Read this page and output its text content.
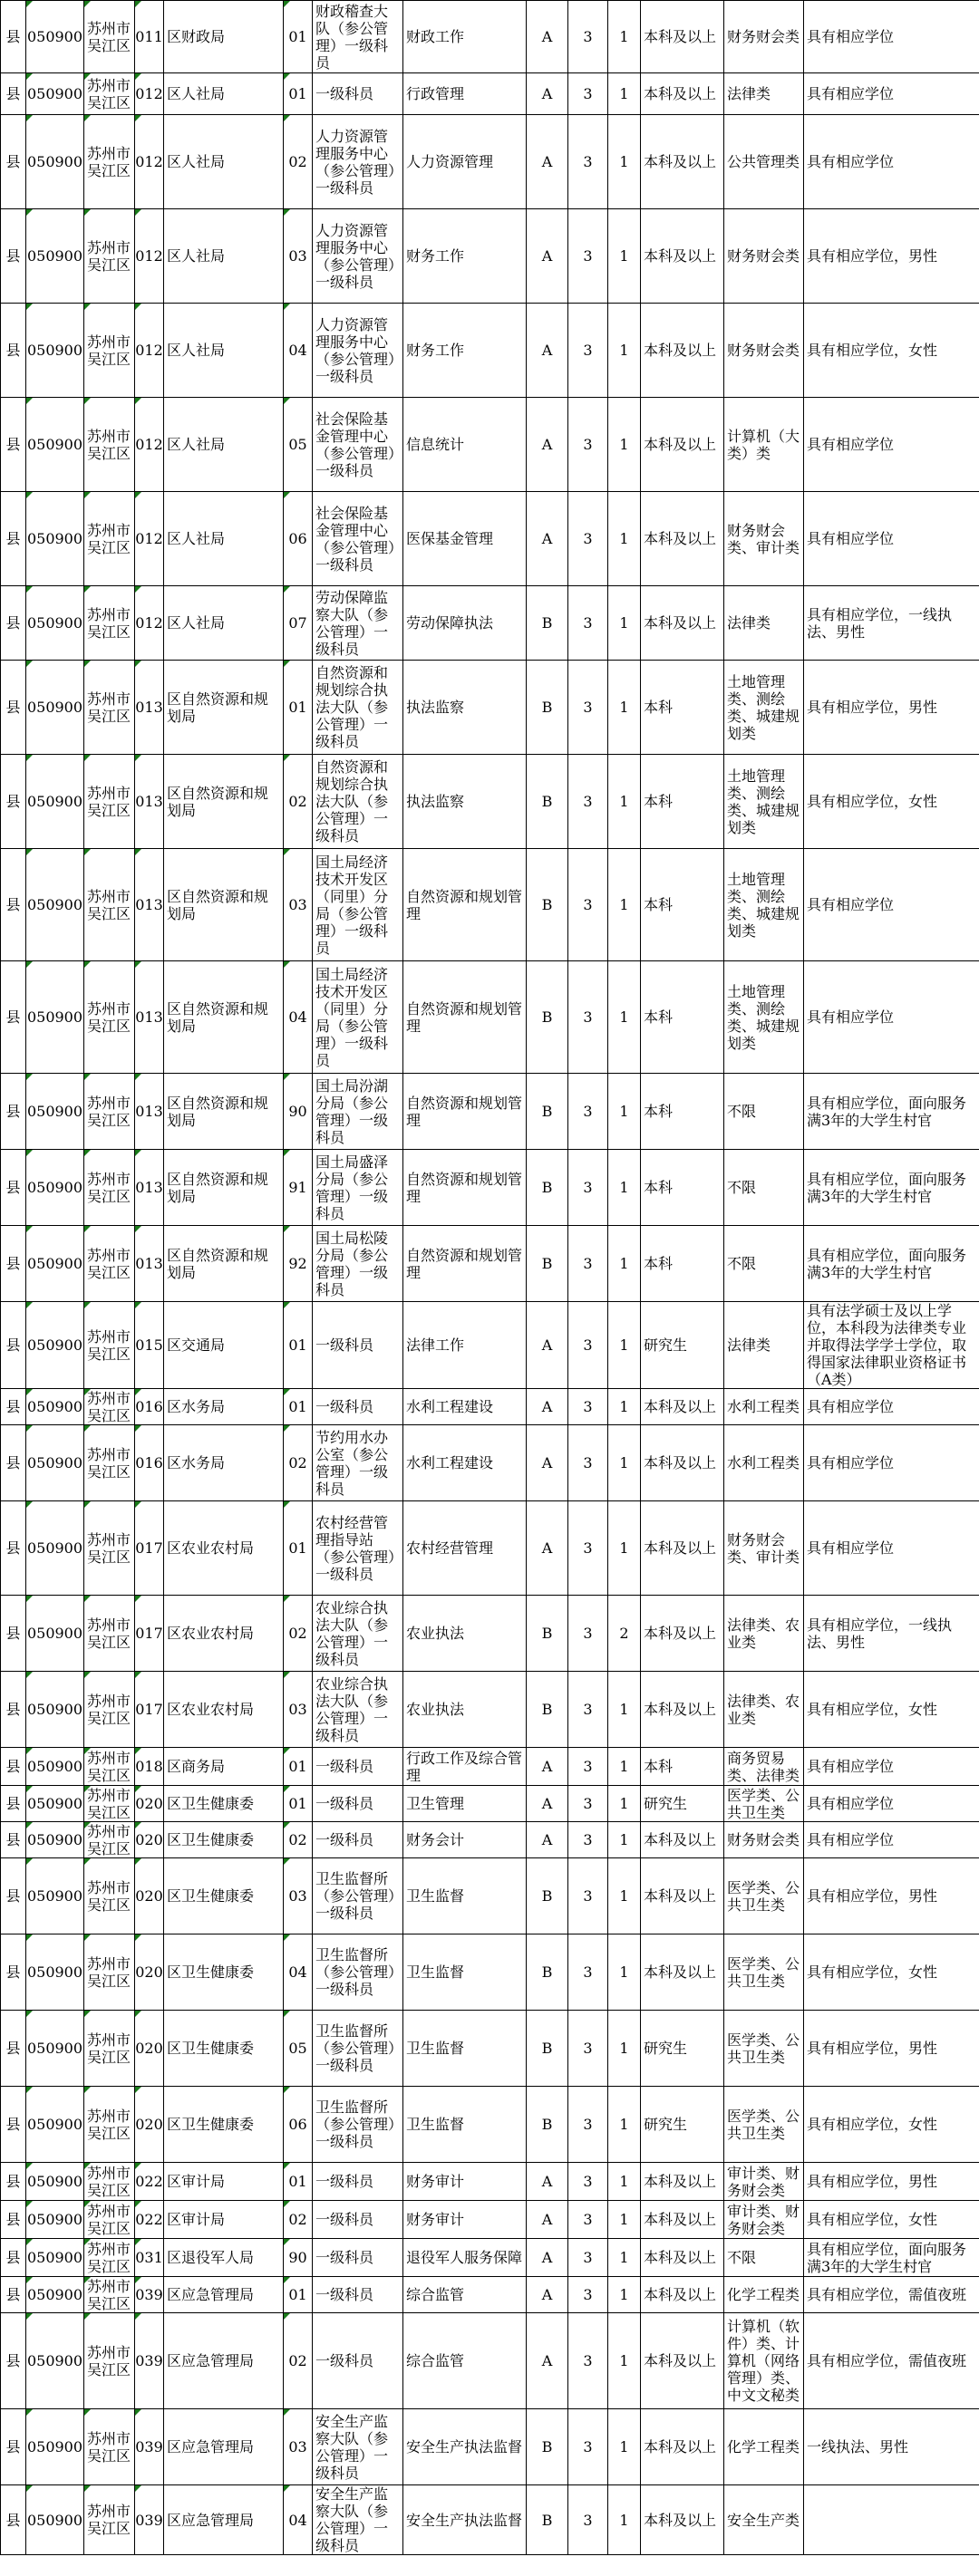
县	050900	苏州市吴江区	011	区财政局	01	财政稽查大队（参公管理）一级科员	财政工作	A	3	1	本科及以上	财务财会类	具有相应学位
县	050900	苏州市吴江区	012	区人社局	01	一级科员	行政管理	A	3	1	本科及以上	法律类	具有相应学位
县	050900	苏州市吴江区	012	区人社局	02	人力资源管理服务中心（参公管理）一级科员	人力资源管理	A	3	1	本科及以上	公共管理类	具有相应学位
县	050900	苏州市吴江区	012	区人社局	03	人力资源管理服务中心（参公管理）一级科员	财务工作	A	3	1	本科及以上	财务财会类	具有相应学位，男性
县	050900	苏州市吴江区	012	区人社局	04	人力资源管理服务中心（参公管理）一级科员	财务工作	A	3	1	本科及以上	财务财会类	具有相应学位，女性
县	050900	苏州市吴江区	012	区人社局	05	社会保险基金管理中心（参公管理）一级科员	信息统计	A	3	1	本科及以上	计算机（大类）类	具有相应学位
县	050900	苏州市吴江区	012	区人社局	06	社会保险基金管理中心（参公管理）一级科员	医保基金管理	A	3	1	本科及以上	财务财会类、审计类	具有相应学位
县	050900	苏州市吴江区	012	区人社局	07	劳动保障监察大队（参公管理）一级科员	劳动保障执法	B	3	1	本科及以上	法律类	具有相应学位，一线执法、男性
县	050900	苏州市吴江区	013	区自然资源和规划局	01	自然资源和规划综合执法大队（参公管理）一级科员	执法监察	B	3	1	本科	土地管理类、测绘类、城建规划类	具有相应学位，男性
县	050900	苏州市吴江区	013	区自然资源和规划局	02	自然资源和规划综合执法大队（参公管理）一级科员	执法监察	B	3	1	本科	土地管理类、测绘类、城建规划类	具有相应学位，女性
县	050900	苏州市吴江区	013	区自然资源和规划局	03	国土局经济技术开发区（同里）分局（参公管理）一级科员	自然资源和规划管理	B	3	1	本科	土地管理类、测绘类、城建规划类	具有相应学位
县	050900	苏州市吴江区	013	区自然资源和规划局	04	国土局经济技术开发区（同里）分局（参公管理）一级科员	自然资源和规划管理	B	3	1	本科	土地管理类、测绘类、城建规划类	具有相应学位
县	050900	苏州市吴江区	013	区自然资源和规划局	90	国土局汾湖分局（参公管理）一级科员	自然资源和规划管理	B	3	1	本科	不限	具有相应学位，面向服务满3年的大学生村官
县	050900	苏州市吴江区	013	区自然资源和规划局	91	国土局盛泽分局（参公管理）一级科员	自然资源和规划管理	B	3	1	本科	不限	具有相应学位，面向服务满3年的大学生村官
县	050900	苏州市吴江区	013	区自然资源和规划局	92	国土局松陵分局（参公管理）一级科员	自然资源和规划管理	B	3	1	本科	不限	具有相应学位，面向服务满3年的大学生村官
县	050900	苏州市吴江区	015	区交通局	01	一级科员	法律工作	A	3	1	研究生	法律类	具有法学硕士及以上学位，本科段为法律类专业并取得法学学士学位，取得国家法律职业资格证书（A类）
县	050900	苏州市吴江区	016	区水务局	01	一级科员	水利工程建设	A	3	1	本科及以上	水利工程类	具有相应学位
县	050900	苏州市吴江区	016	区水务局	02	节约用水办公室（参公管理）一级科员	水利工程建设	A	3	1	本科及以上	水利工程类	具有相应学位
县	050900	苏州市吴江区	017	区农业农村局	01	农村经营管理指导站（参公管理）一级科员	农村经营管理	A	3	1	本科及以上	财务财会类、审计类	具有相应学位
县	050900	苏州市吴江区	017	区农业农村局	02	农业综合执法大队（参公管理）一级科员	农业执法	B	3	2	本科及以上	法律类、农业类	具有相应学位，一线执法、男性
县	050900	苏州市吴江区	017	区农业农村局	03	农业综合执法大队（参公管理）一级科员	农业执法	B	3	1	本科及以上	法律类、农业类	具有相应学位，女性
县	050900	苏州市吴江区	018	区商务局	01	一级科员	行政工作及综合管理	A	3	1	本科	商务贸易类、法律类	具有相应学位
县	050900	苏州市吴江区	020	区卫生健康委	01	一级科员	卫生管理	A	3	1	研究生	医学类、公共卫生类	具有相应学位
县	050900	苏州市吴江区	020	区卫生健康委	02	一级科员	财务会计	A	3	1	本科及以上	财务财会类	具有相应学位
县	050900	苏州市吴江区	020	区卫生健康委	03	卫生监督所（参公管理）一级科员	卫生监督	B	3	1	本科及以上	医学类、公共卫生类	具有相应学位，男性
县	050900	苏州市吴江区	020	区卫生健康委	04	卫生监督所（参公管理）一级科员	卫生监督	B	3	1	本科及以上	医学类、公共卫生类	具有相应学位，女性
县	050900	苏州市吴江区	020	区卫生健康委	05	卫生监督所（参公管理）一级科员	卫生监督	B	3	1	研究生	医学类、公共卫生类	具有相应学位，男性
县	050900	苏州市吴江区	020	区卫生健康委	06	卫生监督所（参公管理）一级科员	卫生监督	B	3	1	研究生	医学类、公共卫生类	具有相应学位，女性
县	050900	苏州市吴江区	022	区审计局	01	一级科员	财务审计	A	3	1	本科及以上	审计类、财务财会类	具有相应学位，男性
县	050900	苏州市吴江区	022	区审计局	02	一级科员	财务审计	A	3	1	本科及以上	审计类、财务财会类	具有相应学位，女性
县	050900	苏州市吴江区	031	区退役军人局	90	一级科员	退役军人服务保障	A	3	1	本科及以上	不限	具有相应学位，面向服务满3年的大学生村官
县	050900	苏州市吴江区	039	区应急管理局	01	一级科员	综合监管	A	3	1	本科及以上	化学工程类	具有相应学位，需值夜班
县	050900	苏州市吴江区	039	区应急管理局	02	一级科员	综合监管	A	3	1	本科及以上	计算机（软件）类、计算机（网络管理）类、中文文秘类	具有相应学位，需值夜班
县	050900	苏州市吴江区	039	区应急管理局	03	安全生产监察大队（参公管理）一级科员	安全生产执法监督	B	3	1	本科及以上	化学工程类	一线执法、男性
县	050900	苏州市吴江区	039	区应急管理局	04	安全生产监察大队（参公管理）一级科员	安全生产执法监督	B	3	1	本科及以上	安全生产类	
